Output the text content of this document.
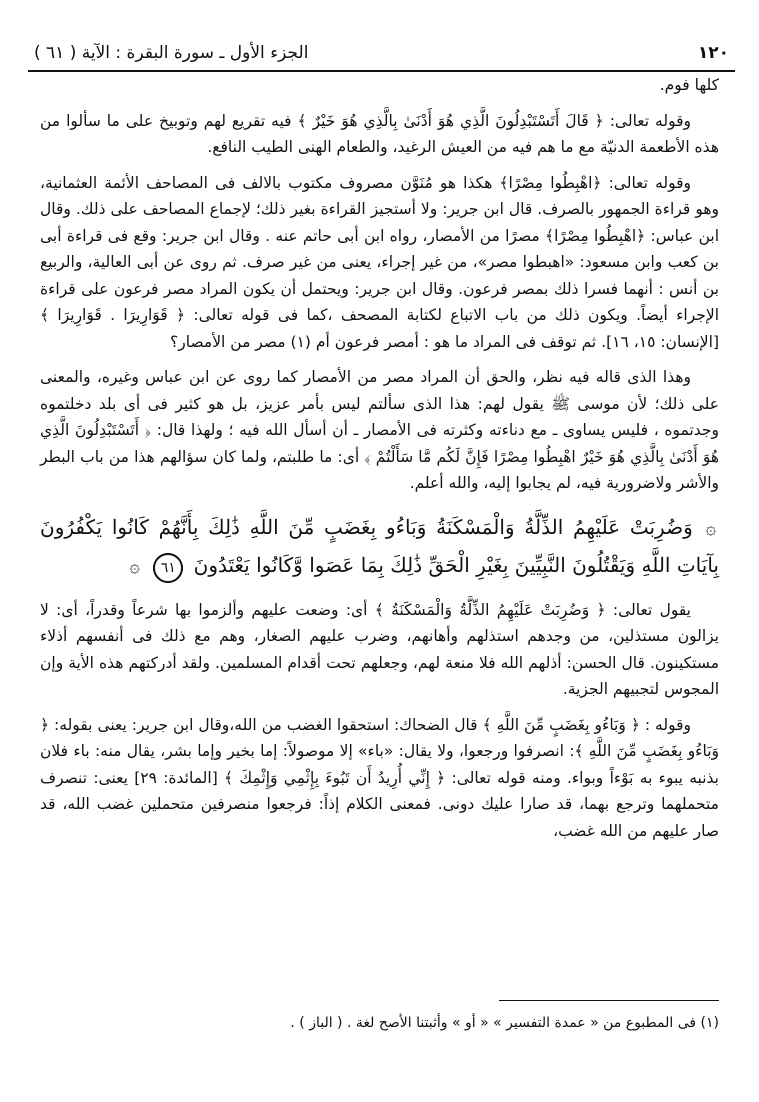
١٢٠
الجزء الأول ـ سورة البقرة : الآية ( ٦١ )

كلها فوم.

وقوله تعالى: ﴿ قَالَ أَتَسْتَبْدِلُونَ الَّذِي هُوَ أَدْنَىٰ بِالَّذِي هُوَ خَيْرٌ ﴾ فيه تقريع لهم وتوبيخ على ما سألوا من هذه الأطعمة الدنيّة مع ما هم فيه من العيش الرغيد، والطعام الهنى الطيب النافع.

وقوله تعالى: ﴿اهْبِطُوا مِصْرًا﴾ هكذا هو مُنَوَّن مصروف مكتوب بالالف فى المصاحف الأئمة العثمانية، وهو قراءة الجمهور بالصرف. قال ابن جرير: ولا أستجيز القراءة بغير ذلك؛ لإجماع المصاحف على ذلك. وقال ابن عباس: ﴿اهْبِطُوا مِصْرًا﴾ مصرًا من الأمصار، رواه ابن أبى حاتم عنه . وقال ابن جرير: وقع فى قراءة أبى بن كعب وابن مسعود: «اهبطوا مصر»، من غير إجراء، يعنى من غير صرف. ثم روى عن أبى العالية، والربيع بن أنس : أنهما فسرا ذلك بمصر فرعون. وقال ابن جرير: ويحتمل أن يكون المراد مصر فرعون على قراءة الإجراء أيضاً. ويكون ذلك من باب الاتباع لكتابة المصحف ،كما فى قوله تعالى: ﴿ قَوَارِيرَا . قَوَارِيرَا ﴾ [الإنسان: ١٥، ١٦]. ثم توقف فى المراد ما هو : أمصر فرعون أم (١) مصر من الأمصار؟

وهذا الذى قاله فيه نظر، والحق أن المراد مصر من الأمصار كما روى عن ابن عباس وغيره، والمعنى على ذلك؛ لأن موسى ﷺ يقول لهم: هذا الذى سألتم ليس بأمر عزيز، بل هو كثير فى أى بلد دخلتموه وجدتموه ، فليس يساوى ـ مع دناءته وكثرته فى الأمصار ـ أن أسأل الله فيه ؛ ولهذا قال: ﴿ أَتَسْتَبْدِلُونَ الَّذِي هُوَ أَدْنَىٰ بِالَّذِي هُوَ خَيْرٌ اهْبِطُوا مِصْرًا فَإِنَّ لَكُم مَّا سَأَلْتُمْ ﴾ أى: ما طلبتم، ولما كان سؤالهم هذا من باب البطر والأشر ولاضرورية فيه، لم يجابوا إليه، والله أعلم.

۞ وَضُرِبَتْ عَلَيْهِمُ الذِّلَّةُ وَالْمَسْكَنَةُ وَبَاءُو بِغَضَبٍ مِّنَ اللَّهِ ذَٰلِكَ بِأَنَّهُمْ كَانُوا يَكْفُرُونَ بِآيَاتِ اللَّهِ وَيَقْتُلُونَ النَّبِيِّينَ بِغَيْرِ الْحَقِّ ذَٰلِكَ بِمَا عَصَوا وَّكَانُوا يَعْتَدُونَ ٦١ ۞

يقول تعالى: ﴿ وَضُرِبَتْ عَلَيْهِمُ الذِّلَّةُ وَالْمَسْكَنَةُ ﴾ أى: وضعت عليهم وألزموا بها شرعاً وقدراً، أى: لا يزالون مستذلين، من وجدهم استذلهم وأهانهم، وضرب عليهم الصغار، وهم مع ذلك فى أنفسهم أذلاء مستكينون. قال الحسن: أذلهم الله فلا منعة لهم، وجعلهم تحت أقدام المسلمين. ولقد أدركتهم هذه الأية وإن المجوس لتجبيهم الجزية.

وقوله : ﴿ وَبَاءُو بِغَضَبٍ مِّنَ اللَّهِ ﴾ قال الضحاك: استحقوا الغضب من الله،وقال ابن جرير: يعنى بقوله: ﴿ وَبَاءُو بِغَضَبٍ مِّنَ اللَّهِ ﴾: انصرفوا ورجعوا، ولا يقال: «باء» إلا موصولاً: إما بخير وإما بشر، يقال منه: باء فلان بذنبه يبوء به بَوْءاً وبواء. ومنه قوله تعالى: ﴿ إِنِّي أُرِيدُ أَن تَبُوءَ بِإِثْمِي وَإِثْمِكَ ﴾ [المائدة: ٢٩] يعنى: تنصرف متحملهما وترجع بهما، قد صارا عليك دونى. فمعنى الكلام إذاً: فرجعوا منصرفين متحملين غضب الله، قد صار عليهم من الله غضب،

(١) فى المطبوع من « عمدة التفسير » « أو » وأثبتنا الأصح لغة . ( الباز ) .
